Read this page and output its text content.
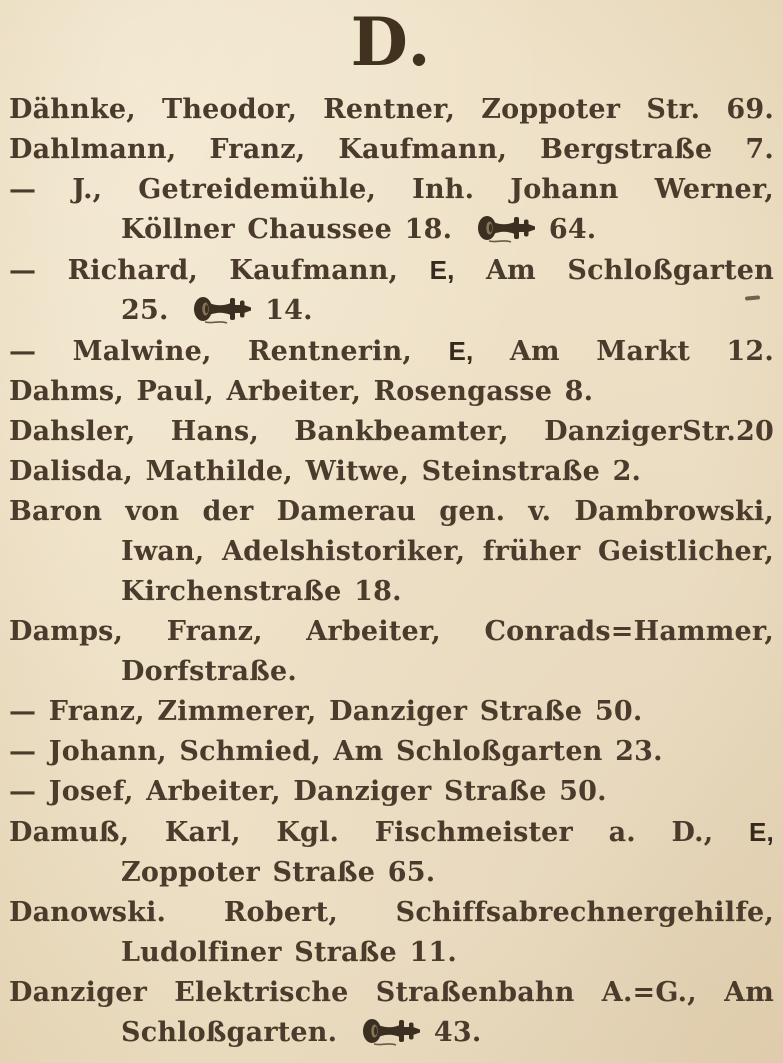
D.
Dähnke, Theodor, Rentner, Zoppoter Str. 69.
Dahlmann, Franz, Kaufmann, Bergstraße 7.
— J., Getreidemühle, Inh. Johann Werner,
Köllner Chaussee 18.	64.
— Richard, Kaufmann, E, Am Schloßgarten
25.	14.
— Malwine, Rentnerin, E, Am Markt 12.
Dahms, Paul, Arbeiter, Rosengasse 8.
Dahsler, Hans, Bankbeamter, DanzigerStr.20
Dalisda, Mathilde, Witwe, Steinstraße 2.
Baron von der Damerau gen. v. Dambrowski,
Iwan, Adelshistoriker, früher Geistlicher,
Kirchenstraße 18.
Damps, Franz, Arbeiter, Conrads=Hammer,
Dorfstraße.
— Franz, Zimmerer, Danziger Straße 50.
— Johann, Schmied, Am Schloßgarten 23.
— Josef, Arbeiter, Danziger Straße 50.
Damuß, Karl, Kgl. Fischmeister a. D., E,
Zoppoter Straße 65.
Danowski. Robert, Schiffsabrechnergehilfe,
Ludolfiner Straße 11.
Danziger Elektrische Straßenbahn A.=G., Am
Schloßgarten.	43.
